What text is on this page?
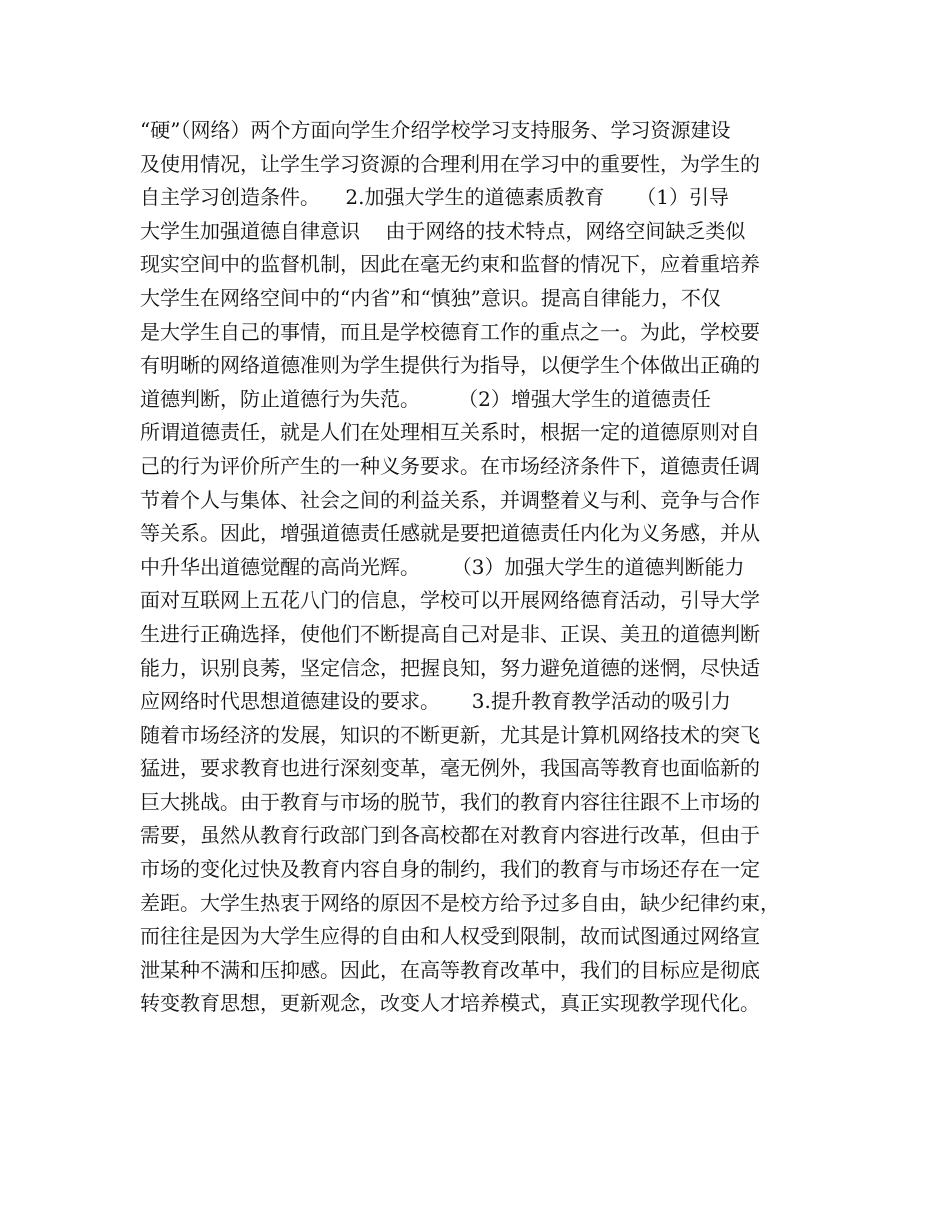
“硬”（网络）两个方面向学生介绍学校学习支持服务、学习资源建设
及使用情况，让学生学习资源的合理利用在学习中的重要性，为学生的
自主学习创造条件。    2.加强大学生的道德素质教育     （1）引导
大学生加强道德自律意识    由于网络的技术特点，网络空间缺乏类似
现实空间中的监督机制，因此在毫无约束和监督的情况下，应着重培养
大学生在网络空间中的“内省”和“慎独”意识。提高自律能力，不仅
是大学生自己的事情，而且是学校德育工作的重点之一。为此，学校要
有明晰的网络道德准则为学生提供行为指导，以便学生个体做出正确的
道德判断，防止道德行为失范。      （2）增强大学生的道德责任
所谓道德责任，就是人们在处理相互关系时，根据一定的道德原则对自
己的行为评价所产生的一种义务要求。在市场经济条件下，道德责任调
节着个人与集体、社会之间的利益关系，并调整着义与利、竞争与合作
等关系。因此，增强道德责任感就是要把道德责任内化为义务感，并从
中升华出道德觉醒的高尚光辉。     （3）加强大学生的道德判断能力
面对互联网上五花八门的信息，学校可以开展网络德育活动，引导大学
生进行正确选择，使他们不断提高自己对是非、正误、美丑的道德判断
能力，识别良莠，坚定信念，把握良知，努力避免道德的迷惘，尽快适
应网络时代思想道德建设的要求。     3.提升教育教学活动的吸引力
随着市场经济的发展，知识的不断更新，尤其是计算机网络技术的突飞
猛进，要求教育也进行深刻变革，毫无例外，我国高等教育也面临新的
巨大挑战。由于教育与市场的脱节，我们的教育内容往往跟不上市场的
需要，虽然从教育行政部门到各高校都在对教育内容进行改革，但由于
市场的变化过快及教育内容自身的制约，我们的教育与市场还存在一定
差距。大学生热衷于网络的原因不是校方给予过多自由，缺少纪律约束，
而往往是因为大学生应得的自由和人权受到限制，故而试图通过网络宣
泄某种不满和压抑感。因此，在高等教育改革中，我们的目标应是彻底
转变教育思想，更新观念，改变人才培养模式，真正实现教学现代化。
